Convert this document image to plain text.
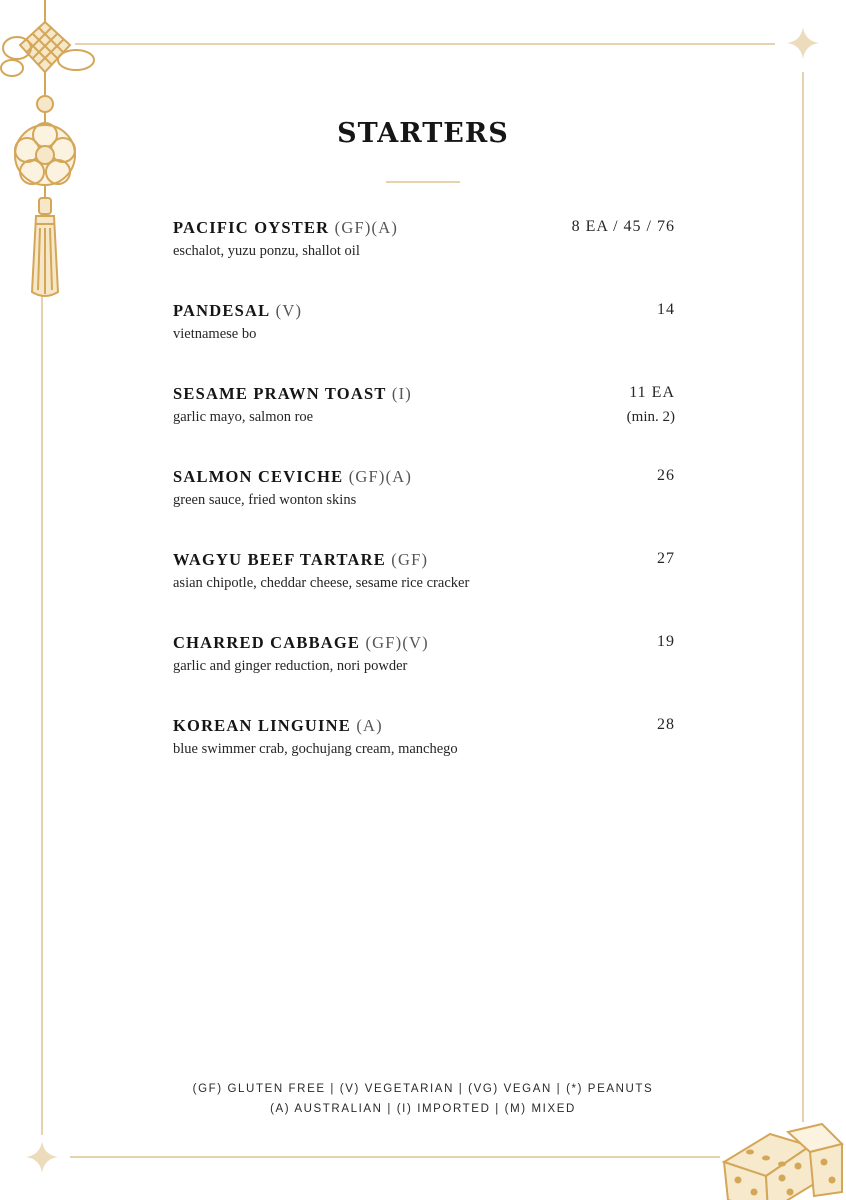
STARTERS
PACIFIC OYSTER (GF)(A)
eschalot, yuzu ponzu, shallot oil
8 EA / 45 / 76
PANDESAL (V)
vietnamese bo
14
SESAME PRAWN TOAST (I)
garlic mayo, salmon roe
11 EA
(min. 2)
SALMON CEVICHE (GF)(A)
green sauce, fried wonton skins
26
WAGYU BEEF TARTARE (GF)
asian chipotle, cheddar cheese, sesame rice cracker
27
CHARRED CABBAGE (GF)(V)
garlic and ginger reduction, nori powder
19
KOREAN LINGUINE (A)
blue swimmer crab, gochujang cream, manchego
28
(GF) GLUTEN FREE | (V) VEGETARIAN | (VG) VEGAN | (*) PEANUTS
(A) AUSTRALIAN | (I) IMPORTED | (M) MIXED
